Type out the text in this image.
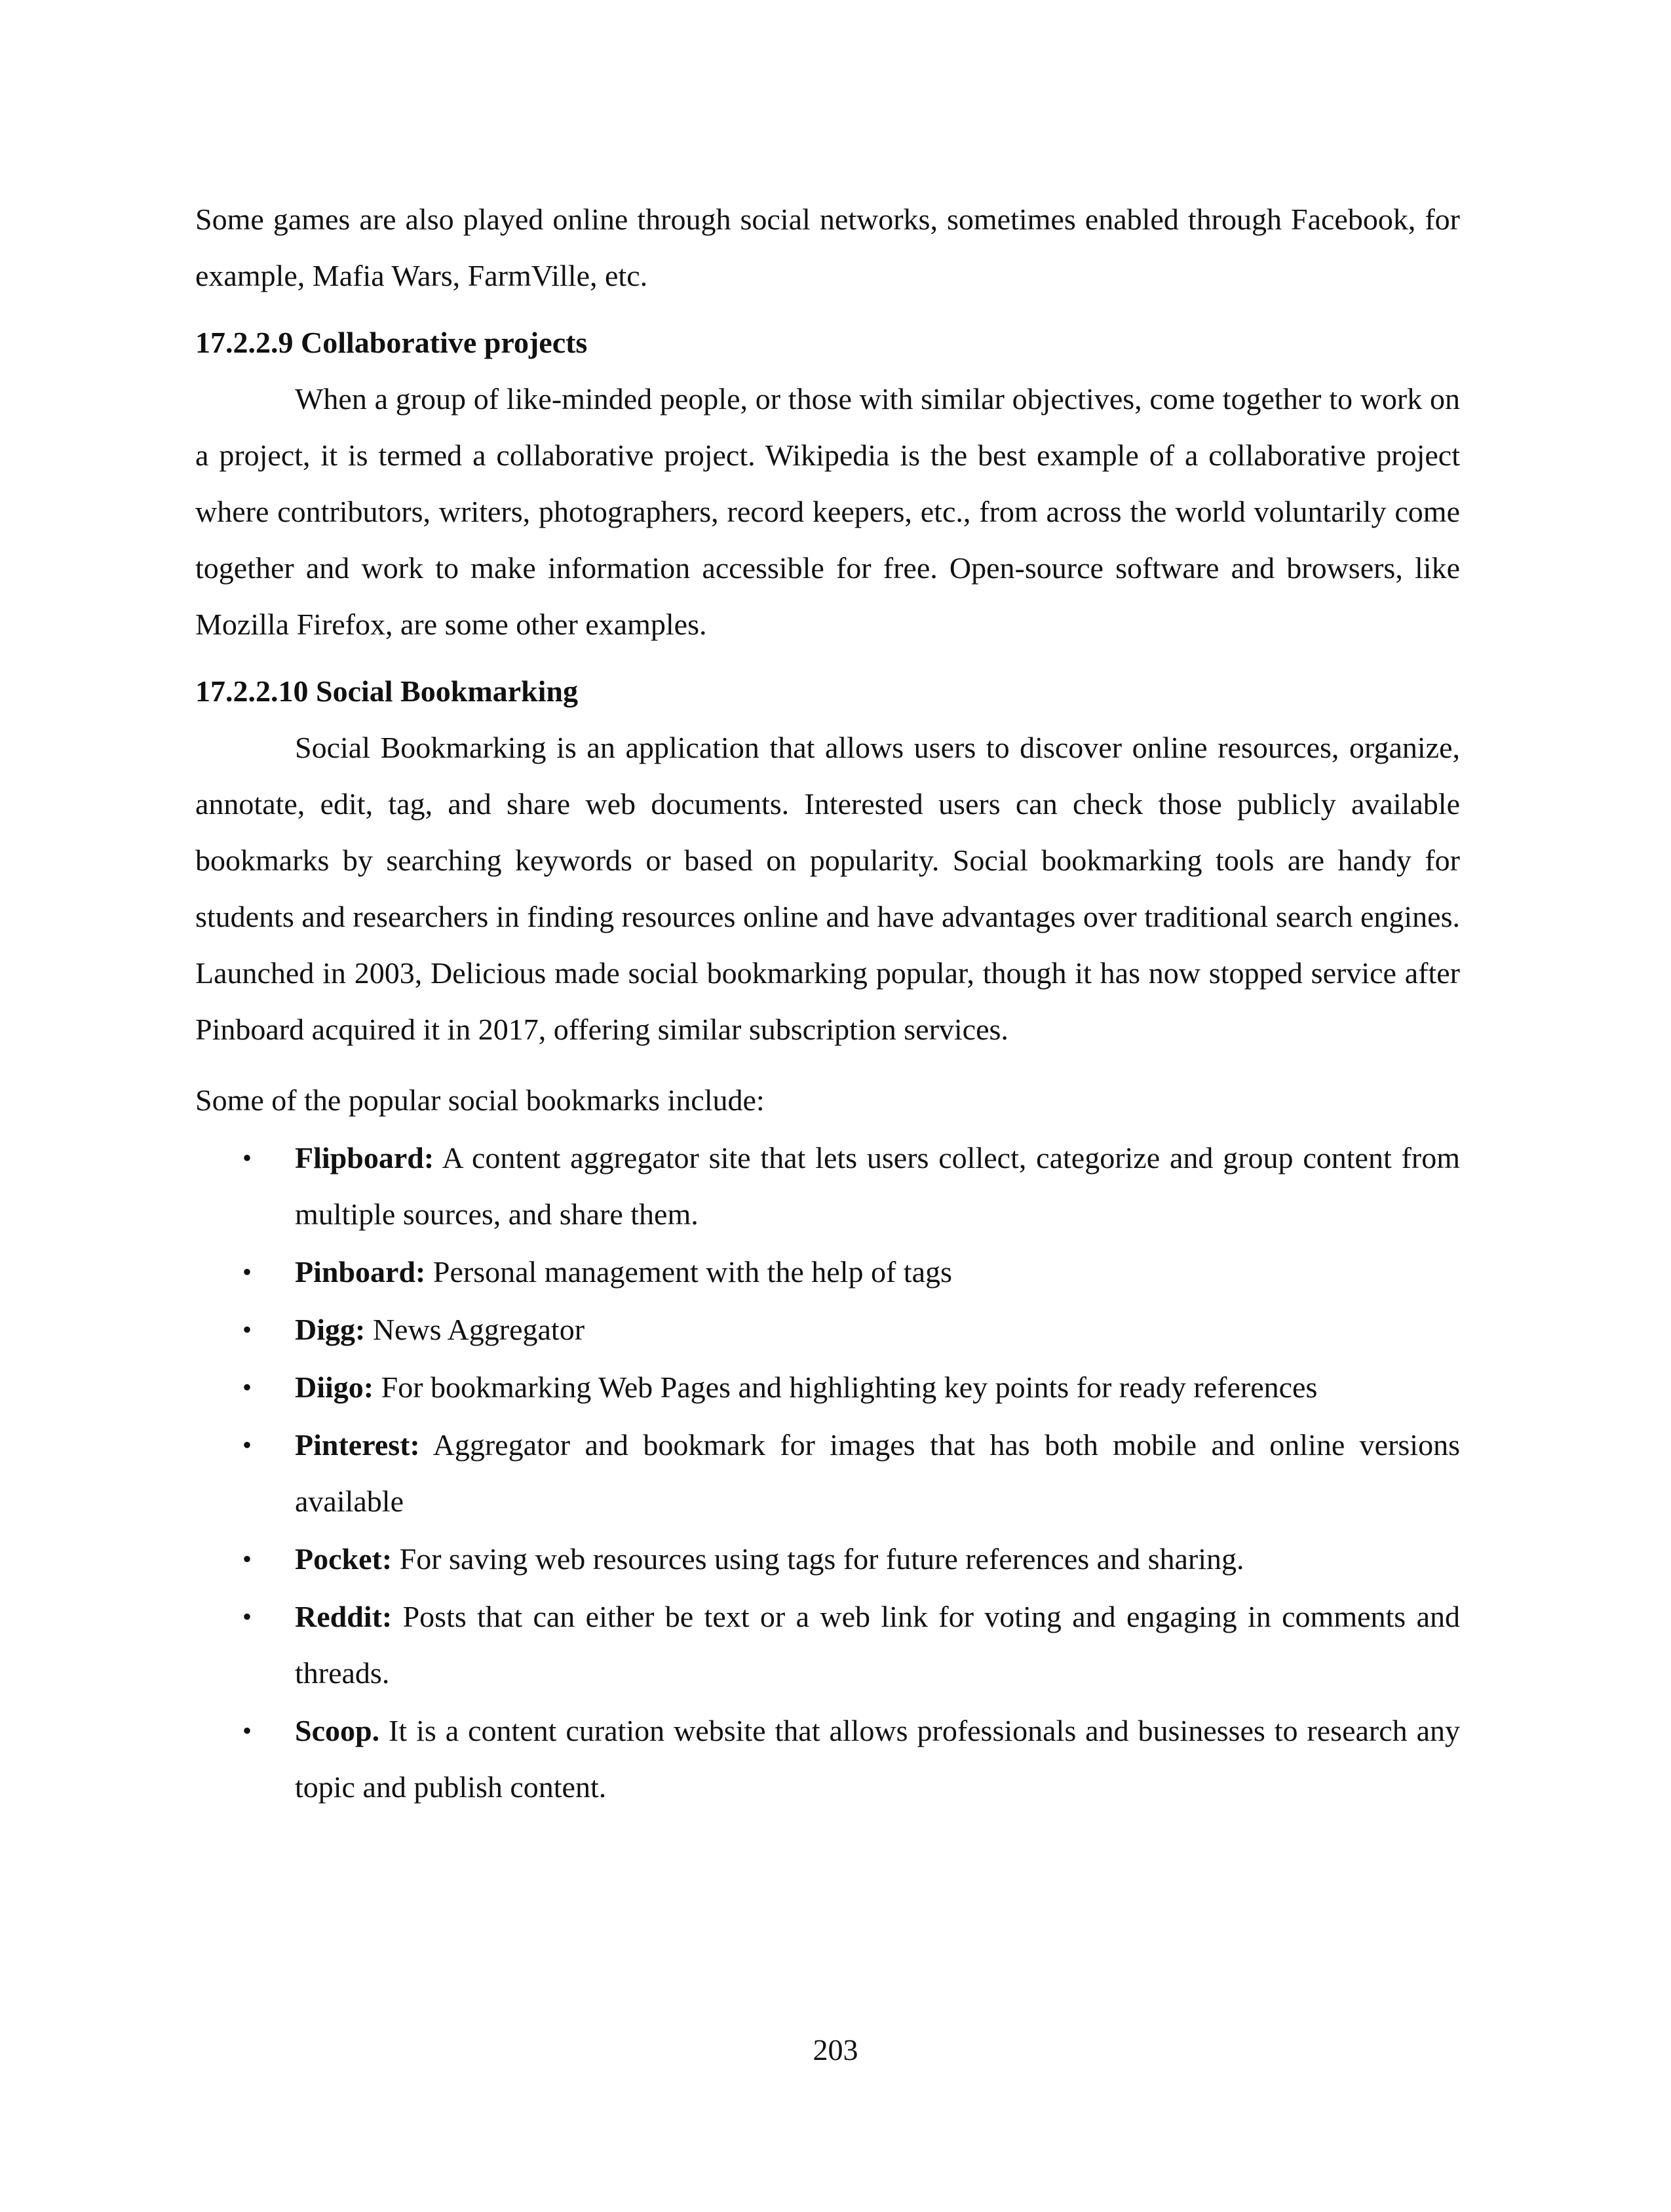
Some games are also played online through social networks, sometimes enabled through Facebook, for example, Mafia Wars, FarmVille, etc.

17.2.2.9 Collaborative projects

When a group of like-minded people, or those with similar objectives, come together to work on a project, it is termed a collaborative project. Wikipedia is the best example of a collaborative project where contributors, writers, photographers, record keepers, etc., from across the world voluntarily come together and work to make information accessible for free. Open-source software and browsers, like Mozilla Firefox, are some other examples.

17.2.2.10 Social Bookmarking

Social Bookmarking is an application that allows users to discover online resources, organize, annotate, edit, tag, and share web documents. Interested users can check those publicly available bookmarks by searching keywords or based on popularity. Social bookmarking tools are handy for students and researchers in finding resources online and have advantages over traditional search engines. Launched in 2003, Delicious made social bookmarking popular, though it has now stopped service after Pinboard acquired it in 2017, offering similar subscription services.

Some of the popular social bookmarks include:

• Flipboard: A content aggregator site that lets users collect, categorize and group content from multiple sources, and share them.
• Pinboard: Personal management with the help of tags
• Digg: News Aggregator
• Diigo: For bookmarking Web Pages and highlighting key points for ready references
• Pinterest: Aggregator and bookmark for images that has both mobile and online versions available
• Pocket: For saving web resources using tags for future references and sharing.
• Reddit: Posts that can either be text or a web link for voting and engaging in comments and threads.
• Scoop. It is a content curation website that allows professionals and businesses to research any topic and publish content.
203
